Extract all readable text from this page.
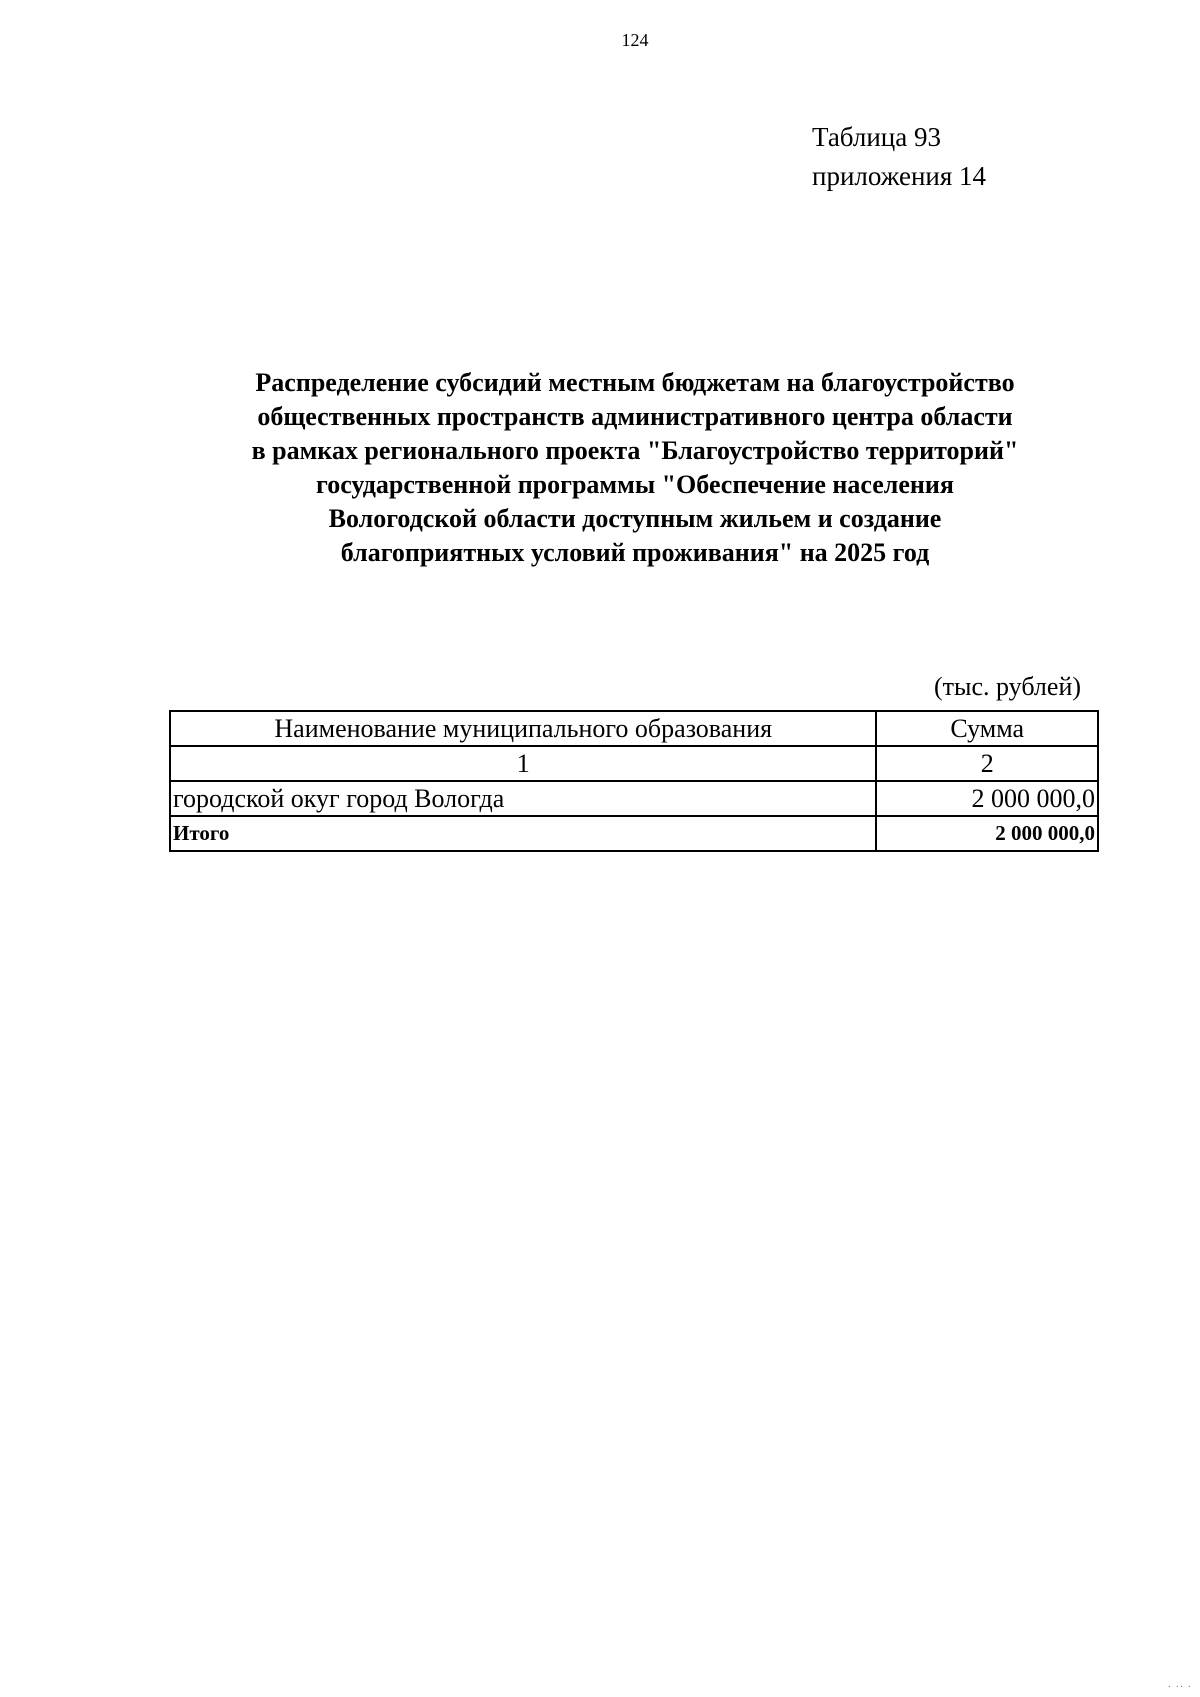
124
Таблица 93
приложения 14
Распределение субсидий местным бюджетам на благоустройство
общественных пространств административного центра области
в рамках регионального проекта "Благоустройство территорий"
государственной программы "Обеспечение населения
Вологодской области доступным жильем и создание
благоприятных условий проживания" на 2025 год
(тыс. рублей)
Наименование муниципального образования	Сумма
1	2
городской окуг город Вологда	2 000 000,0
Итого	2 000 000,0
· ·· ·
